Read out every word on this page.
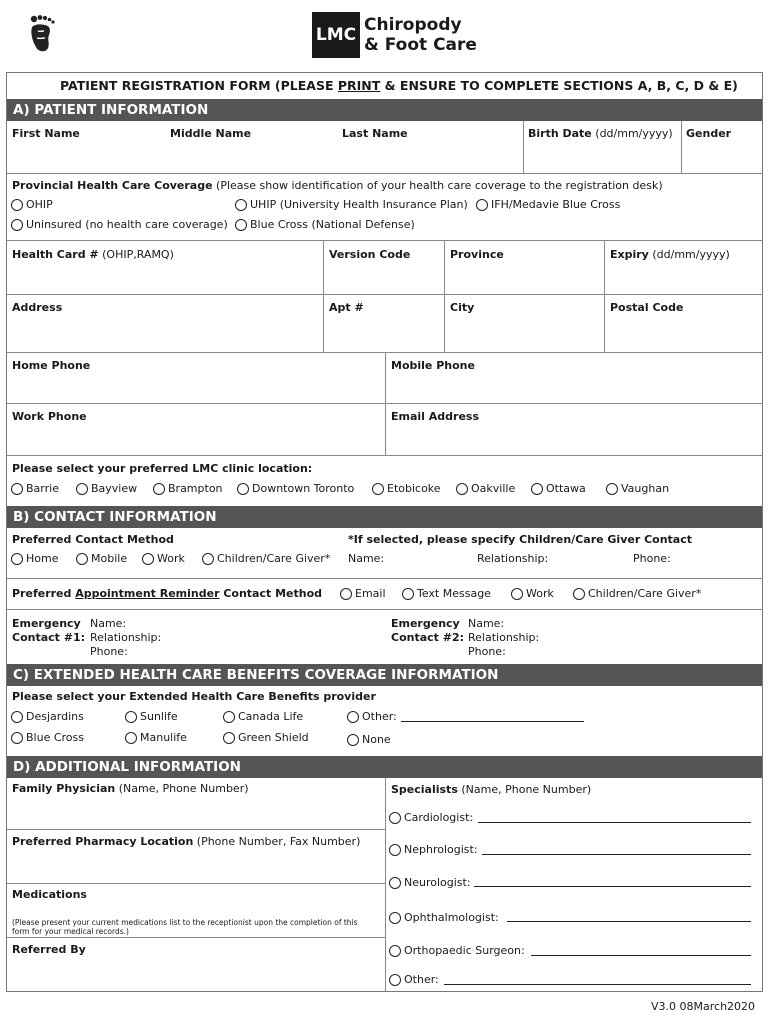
LMC Chiropody
& Foot Care
PATIENT REGISTRATION FORM (PLEASE PRINT & ENSURE TO COMPLETE SECTIONS A, B, C, D & E)
A) PATIENT INFORMATION
First Name	Middle Name	Last Name	Birth Date (dd/mm/yyyy) Gender
Provincial Health Care Coverage (Please show identification of your health care coverage to the registration desk)
OHIP	UHIP (University Health Insurance Plan) IFH/Medavie Blue Cross
Uninsured (no health care coverage) Blue Cross (National Defense)
Health Card # (OHIP,RAMQ)	Version Code	Province	Expiry (dd/mm/yyyy)
Address	Apt #	City	Postal Code
Home Phone	Mobile Phone
Work Phone	Email Address
Please select your preferred LMC clinic location:
Barrie	Bayview	Brampton	Downtown Toronto	Etobicoke	Oakville	Ottawa	Vaughan
B) CONTACT INFORMATION
Preferred Contact Method
Home	Mobile	Work	Children/Care Giver*
*If selected, please specify Children/Care Giver Contact
Name:	Relationship:	Phone:
Preferred Appointment Reminder Contact Method	Email	Text Message	Work	Children/Care Giver*
Emergency
Contact #1:
Name:
Relationship:
Phone:
Emergency
Contact #2:
Name:
Relationship:
Phone:
C) EXTENDED HEALTH CARE BENEFITS COVERAGE INFORMATION
Please select your Extended Health Care Benefits provider
Desjardins	Sunlife	Canada Life	Other:
Blue Cross	Manulife	Green Shield	None
D) ADDITIONAL INFORMATION
Family Physician (Name, Phone Number)
Preferred Pharmacy Location (Phone Number, Fax Number)
Medications
(Please present your current medications list to the receptionist upon the completion of this form for your medical records.)
Referred By
Specialists (Name, Phone Number)
Cardiologist:
Nephrologist:
Neurologist:
Ophthalmologist:
Orthopaedic Surgeon:
Other:
V3.0 08March2020
